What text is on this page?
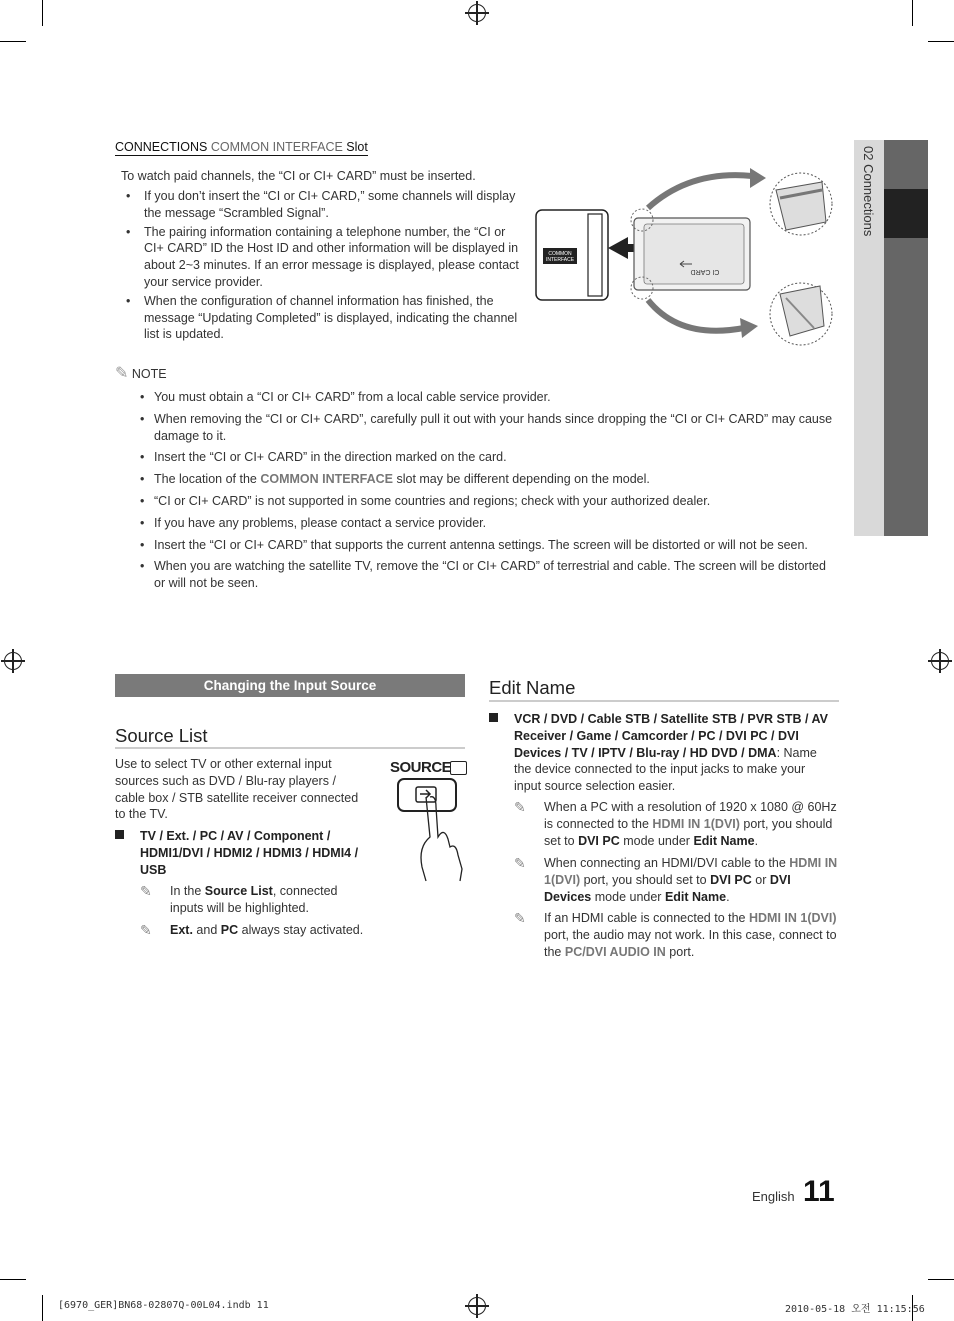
CONNECTIONS COMMON INTERFACE Slot
To watch paid channels, the “CI or CI+ CARD” must be inserted.
• If you don’t insert the “CI or CI+ CARD,” some channels will display the message “Scrambled Signal”.
• The pairing information containing a telephone number, the “CI or CI+ CARD” ID the Host ID and other information will be displayed in about 2~3 minutes. If an error message is displayed, please contact your service provider.
• When the configuration of channel information has finished, the message “Updating Completed” is displayed, indicating the channel list is updated.
COMMON
INTERFACE
CI CARD
✎ NOTE
• You must obtain a “CI or CI+ CARD” from a local cable service provider.
• When removing the “CI or CI+ CARD”, carefully pull it out with your hands since dropping the “CI or CI+ CARD” may cause damage to it.
• Insert the “CI or CI+ CARD” in the direction marked on the card.
• The location of the COMMON INTERFACE slot may be different depending on the model.
• “CI or CI+ CARD” is not supported in some countries and regions; check with your authorized dealer.
• If you have any problems, please contact a service provider.
• Insert the “CI or CI+ CARD” that supports the current antenna settings. The screen will be distorted or will not be seen.
• When you are watching the satellite TV, remove the “CI or CI+ CARD” of terrestrial and cable. The screen will be distorted or will not be seen.
02 Connections
Changing the Input Source
Source List
Use to select TV or other external input sources such as DVD / Blu-ray players / cable box / STB satellite receiver connected to the TV.
SOURCE
TV / Ext. / PC / AV / Component / HDMI1/DVI / HDMI2 / HDMI3 / HDMI4 / USB
✎	In the Source List, connected inputs will be highlighted.
✎	Ext. and PC always stay activated.
Edit Name
VCR / DVD / Cable STB / Satellite STB / PVR STB / AV Receiver / Game / Camcorder / PC / DVI PC / DVI Devices / TV / IPTV / Blu-ray / HD DVD / DMA: Name the device connected to the input jacks to make your input source selection easier.
✎	When a PC with a resolution of 1920 x 1080 @ 60Hz is connected to the HDMI IN 1(DVI) port, you should set to DVI PC mode under Edit Name.
✎	When connecting an HDMI/DVI cable to the HDMI IN 1(DVI) port, you should set to DVI PC or DVI Devices mode under Edit Name.
✎	If an HDMI cable is connected to the HDMI IN 1(DVI) port, the audio may not work. In this case, connect to the PC/DVI AUDIO IN port.
English 11
[6970_GER]BN68-02807Q-00L04.indb 11	2010-05-18 오전 11:15:56
